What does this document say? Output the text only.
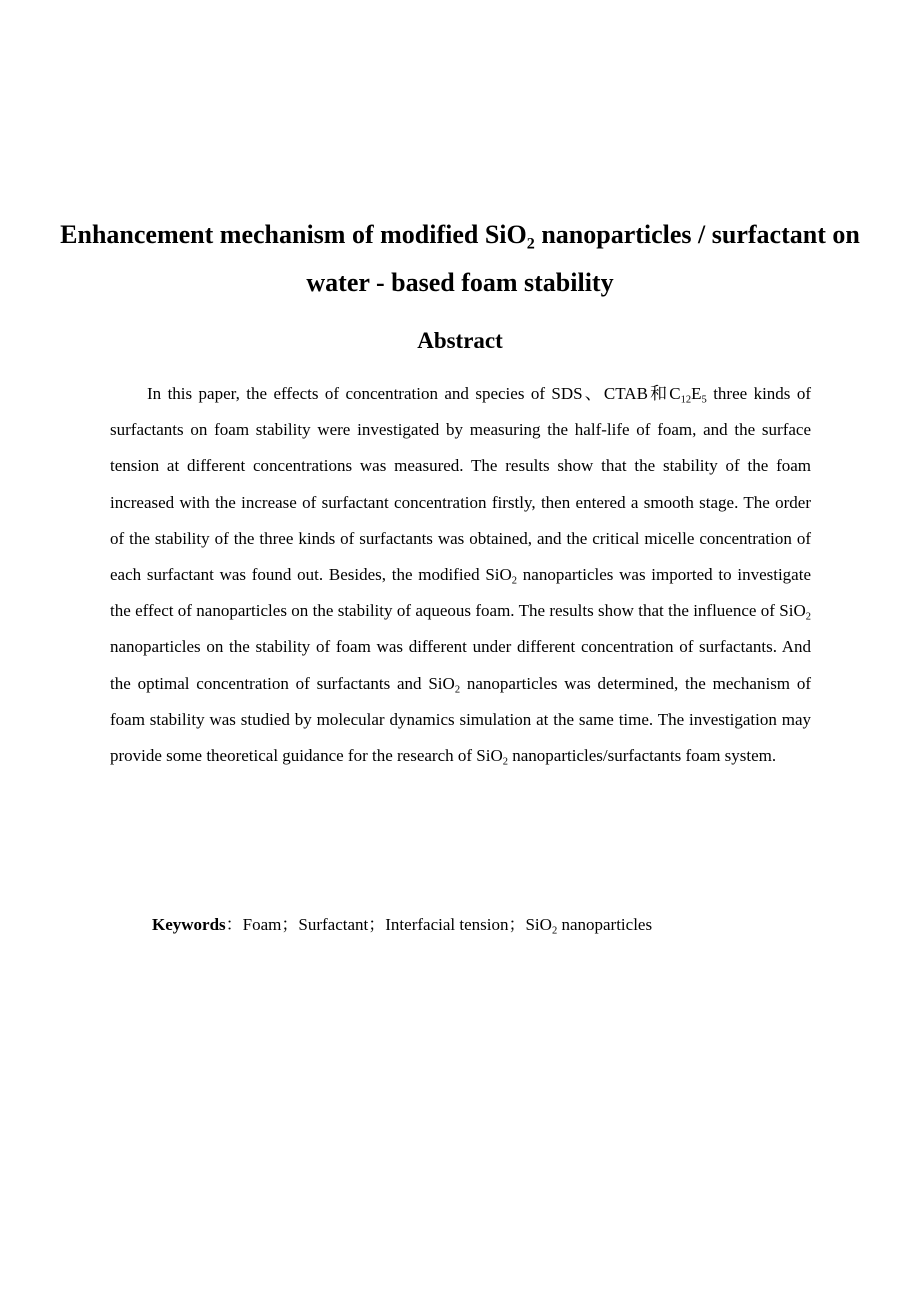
Enhancement mechanism of modified SiO$_2$ nanoparticles / surfactant on water - based foam stability
Abstract

In this paper, the effects of concentration and species of SDS、CTAB和$C_{12}E_5$ three kinds of surfactants on foam stability were investigated by measuring the half-life of foam, and the surface tension at different concentrations was measured. The results show that the stability of the foam increased with the increase of surfactant concentration firstly, then entered a smooth stage. The order of the stability of the three kinds of surfactants was obtained, and the critical micelle concentration of each surfactant was found out. Besides, the modified SiO$_2$ nanoparticles was imported to investigate the effect of nanoparticles on the stability of aqueous foam. The results show that the influence of SiO$_2$ nanoparticles on the stability of foam was different under different concentration of surfactants. And the optimal concentration of surfactants and SiO$_2$ nanoparticles was determined, the mechanism of foam stability was studied by molecular dynamics simulation at the same time. The investigation may provide some theoretical guidance for the research of SiO$_2$ nanoparticles/surfactants foam system.

Keywords：Foam；Surfactant；Interfacial tension；SiO$_2$ nanoparticles
